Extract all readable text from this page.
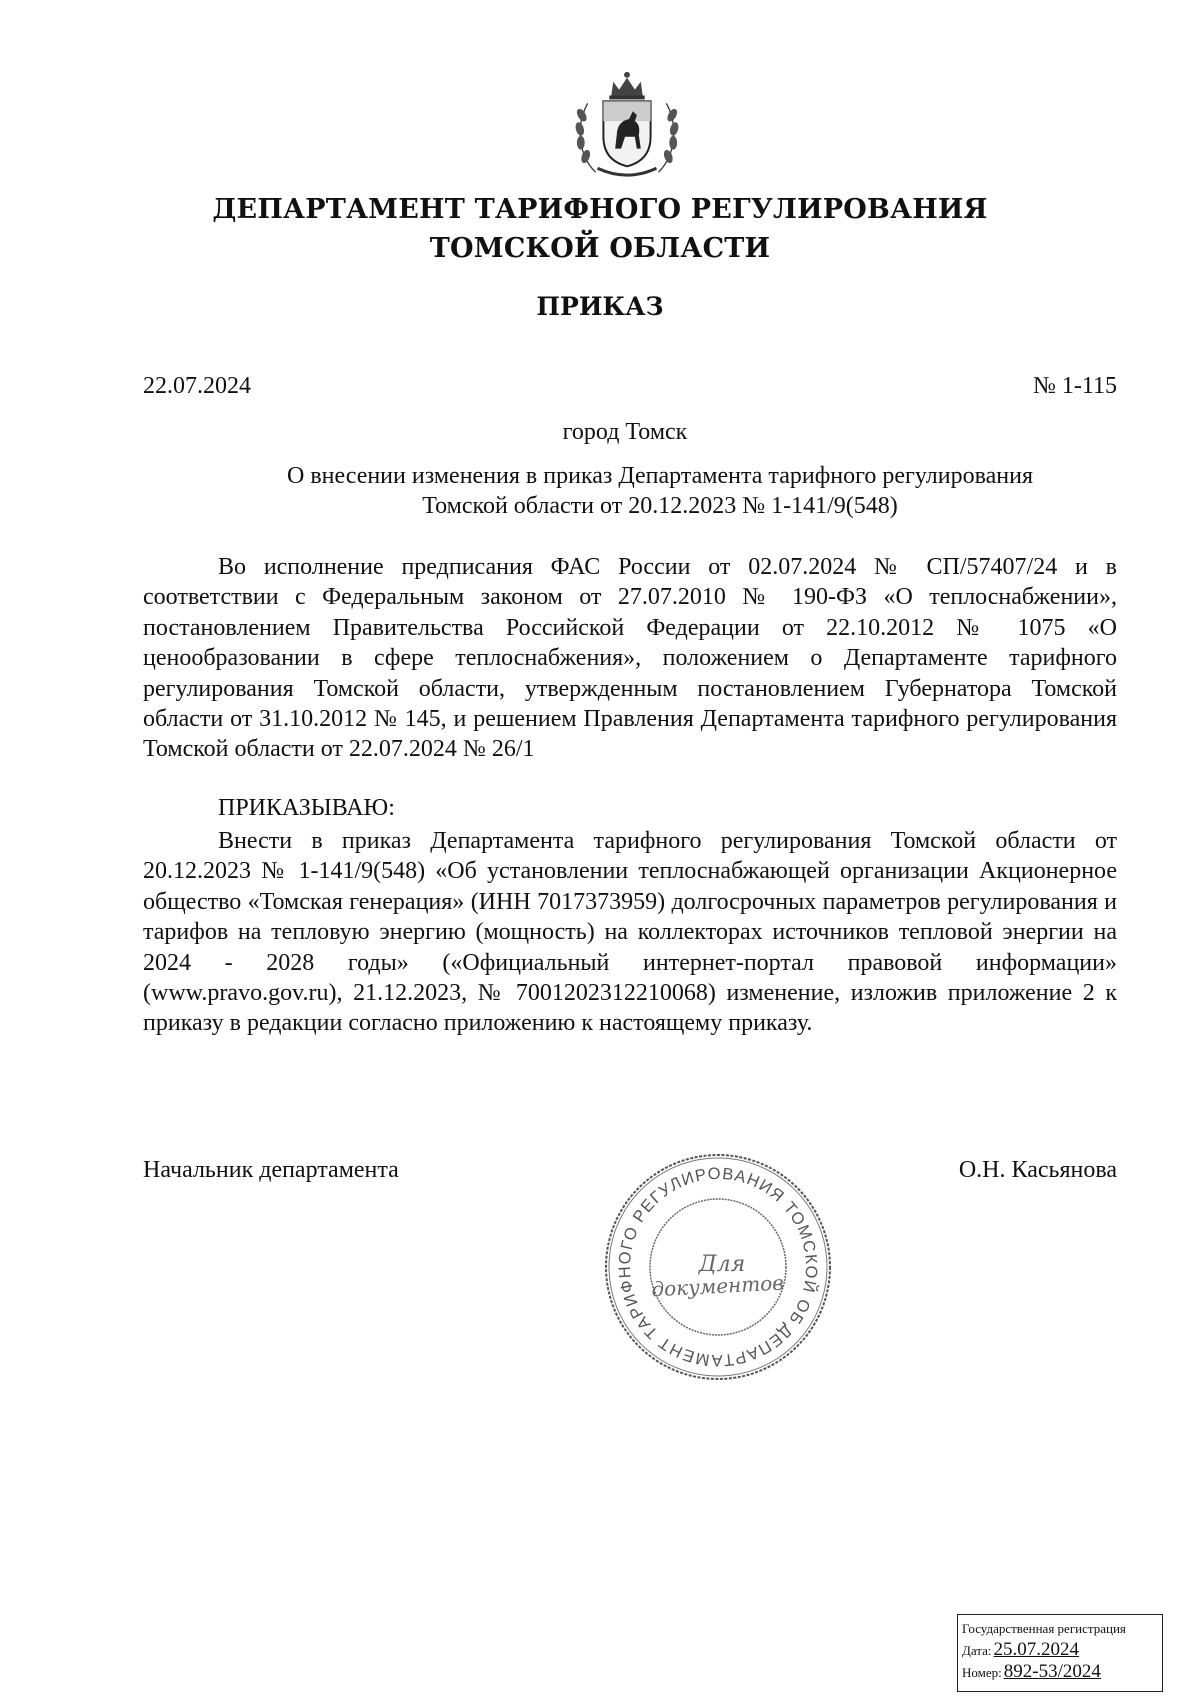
ДЕПАРТАМЕНТ ТАРИФНОГО РЕГУЛИРОВАНИЯ
ТОМСКОЙ ОБЛАСТИ
ПРИКАЗ
22.07.2024	№ 1-115
город Томск
О внесении изменения в приказ Департамента тарифного регулирования
Томской области от 20.12.2023 № 1-141/9(548)
Во исполнение предписания ФАС России от 02.07.2024 № СП/57407/24 и в соответствии с Федеральным законом от 27.07.2010 № 190-ФЗ «О теплоснабжении», постановлением Правительства Российской Федерации от 22.10.2012 № 1075 «О ценообразовании в сфере теплоснабжения», положением о Департаменте тарифного регулирования Томской области, утвержденным постановлением Губернатора Томской области от 31.10.2012 № 145, и решением Правления Департамента тарифного регулирования Томской области от 22.07.2024 № 26/1
ПРИКАЗЫВАЮ:
Внести в приказ Департамента тарифного регулирования Томской области от 20.12.2023 № 1-141/9(548) «Об установлении теплоснабжающей организации Акционерное общество «Томская генерация» (ИНН 7017373959) долгосрочных параметров регулирования и тарифов на тепловую энергию (мощность) на коллекторах источников тепловой энергии на 2024 - 2028 годы» («Официальный интернет-портал правовой информации» (www.pravo.gov.ru), 21.12.2023, № 7001202312210068) изменение, изложив приложение 2 к приказу в редакции согласно приложению к настоящему приказу.
Начальник департамента	О.Н. Касьянова
ДЕПАРТАМЕНТ ТАРИФНОГО РЕГУЛИРОВАНИЯ ТОМСКОЙ ОБЛАСТИ
Для
документов
Государственная регистрация
Дата: 25.07.2024
Номер: 892-53/2024
